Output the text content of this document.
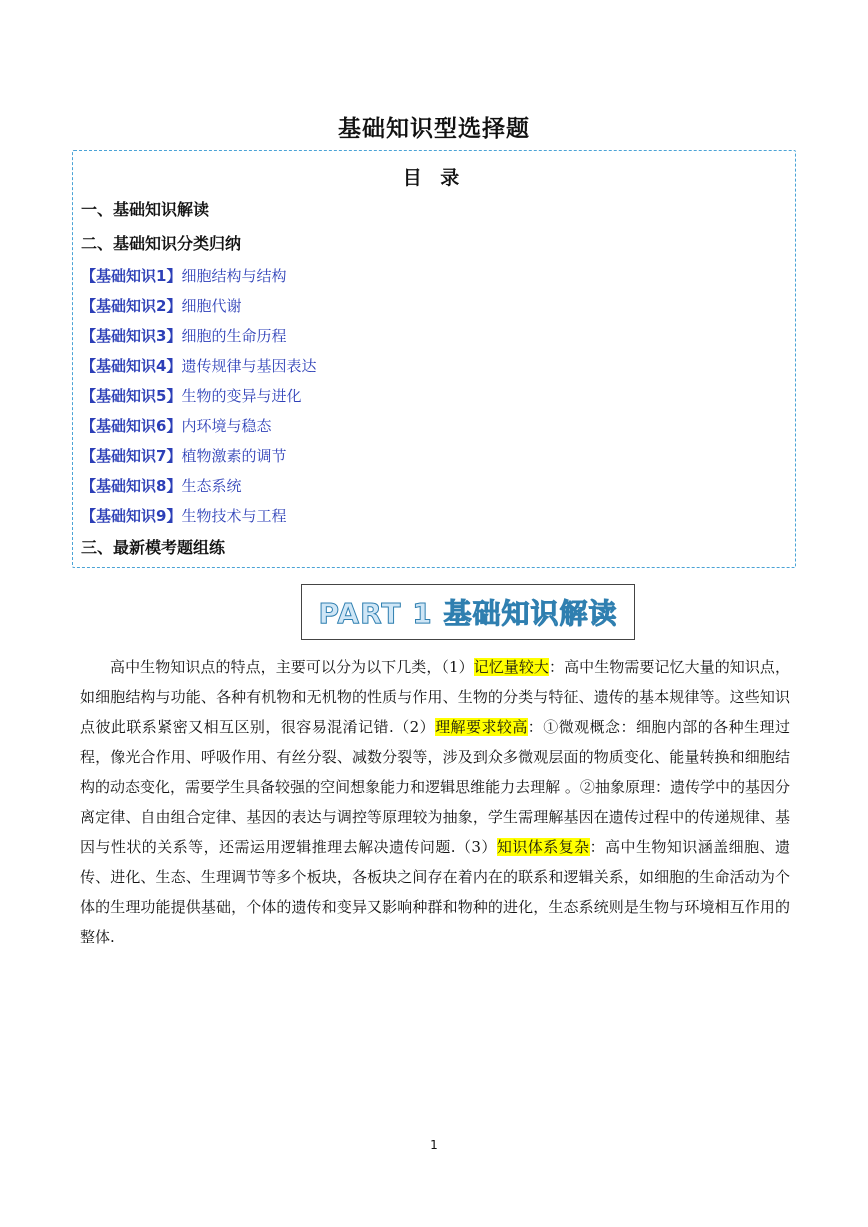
基础知识型选择题
目 录
一、基础知识解读
二、基础知识分类归纳
【基础知识1】细胞结构与结构
【基础知识2】细胞代谢
【基础知识3】细胞的生命历程
【基础知识4】遗传规律与基因表达
【基础知识5】生物的变异与进化
【基础知识6】内环境与稳态
【基础知识7】植物激素的调节
【基础知识8】生态系统
【基础知识9】生物技术与工程
三、最新模考题组练
PART 1 基础知识解读
高中生物知识点的特点，主要可以分为以下几类，（1）记忆量较大：高中生物需要记忆大量的知识点，如细胞结构与功能、各种有机物和无机物的性质与作用、生物的分类与特征、遗传的基本规律等。这些知识点彼此联系紧密又相互区别，很容易混淆记错.（2）理解要求较高：①微观概念：细胞内部的各种生理过程，像光合作用、呼吸作用、有丝分裂、减数分裂等，涉及到众多微观层面的物质变化、能量转换和细胞结构的动态变化，需要学生具备较强的空间想象能力和逻辑思维能力去理解 。②抽象原理：遗传学中的基因分离定律、自由组合定律、基因的表达与调控等原理较为抽象，学生需理解基因在遗传过程中的传递规律、基因与性状的关系等，还需运用逻辑推理去解决遗传问题.（3）知识体系复杂：高中生物知识涵盖细胞、遗传、进化、生态、生理调节等多个板块，各板块之间存在着内在的联系和逻辑关系，如细胞的生命活动为个体的生理功能提供基础，个体的遗传和变异又影响种群和物种的进化，生态系统则是生物与环境相互作用的整体.
1
